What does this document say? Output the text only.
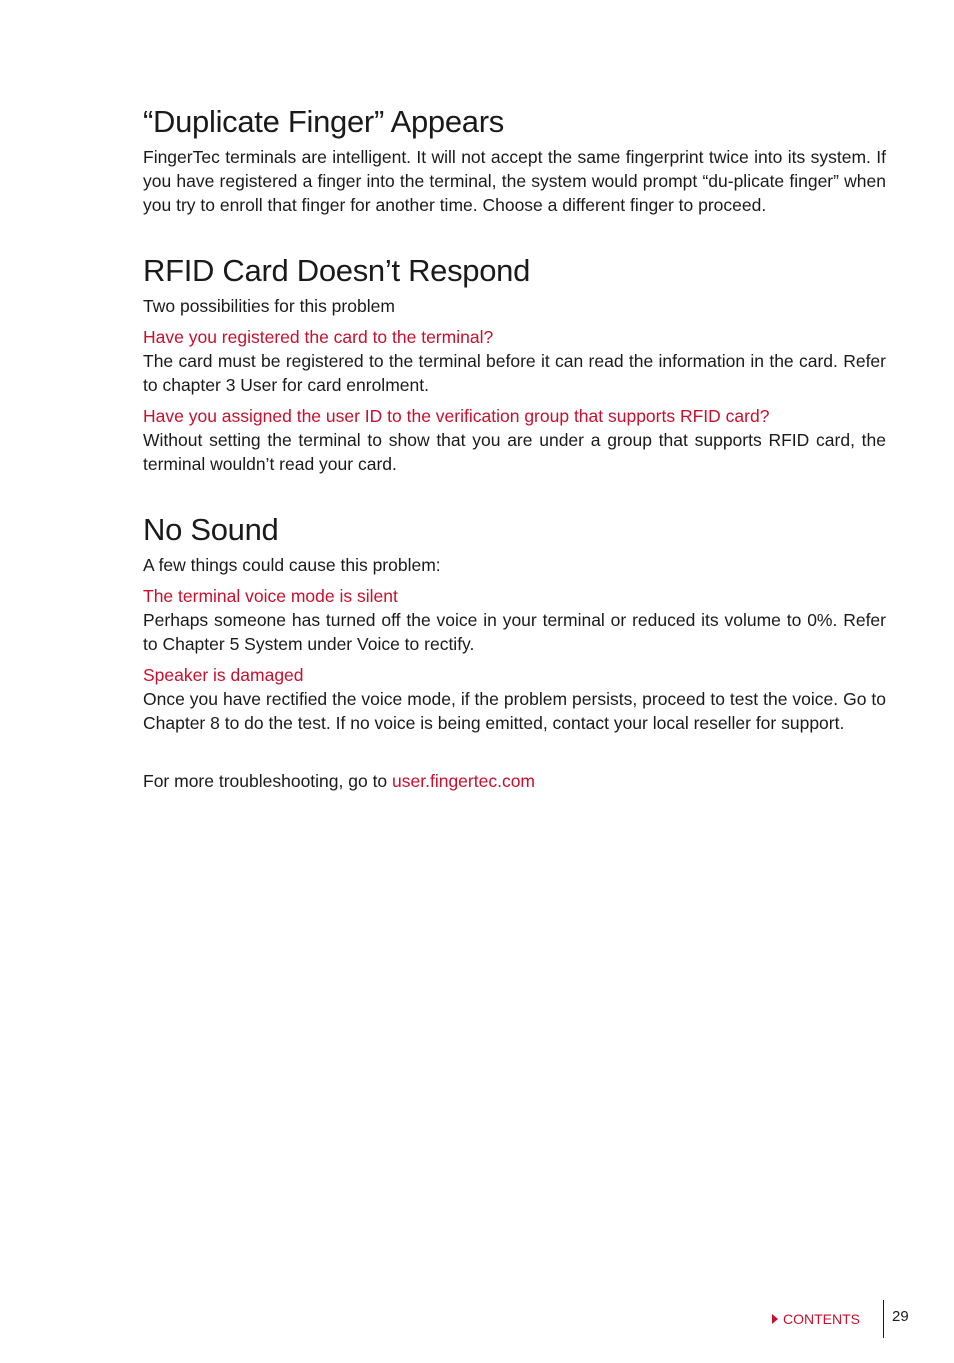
“Duplicate Finger” Appears

FingerTec terminals are intelligent. It will not accept the same fingerprint twice into its system. If you have registered a finger into the terminal, the system would prompt “du-plicate finger” when you try to enroll that finger for another time. Choose a different finger to proceed.

RFID Card Doesn’t Respond

Two possibilities for this problem

Have you registered the card to the terminal?

The card must be registered to the terminal before it can read the information in the card. Refer to chapter 3 User for card enrolment.

Have you assigned the user ID to the verification group that supports RFID card?

Without setting the terminal to show that you are under a group that supports RFID card, the terminal wouldn’t read your card.

No Sound

A few things could cause this problem:

The terminal voice mode is silent

Perhaps someone has turned off the voice in your terminal or reduced its volume to 0%. Refer to Chapter 5 System under Voice to rectify.

Speaker is damaged

Once you have rectified the voice mode, if the problem persists, proceed to test the voice. Go to Chapter 8 to do the test. If no voice is being emitted, contact your local reseller for support.

For more troubleshooting, go to user.fingertec.com
CONTENTS 29
